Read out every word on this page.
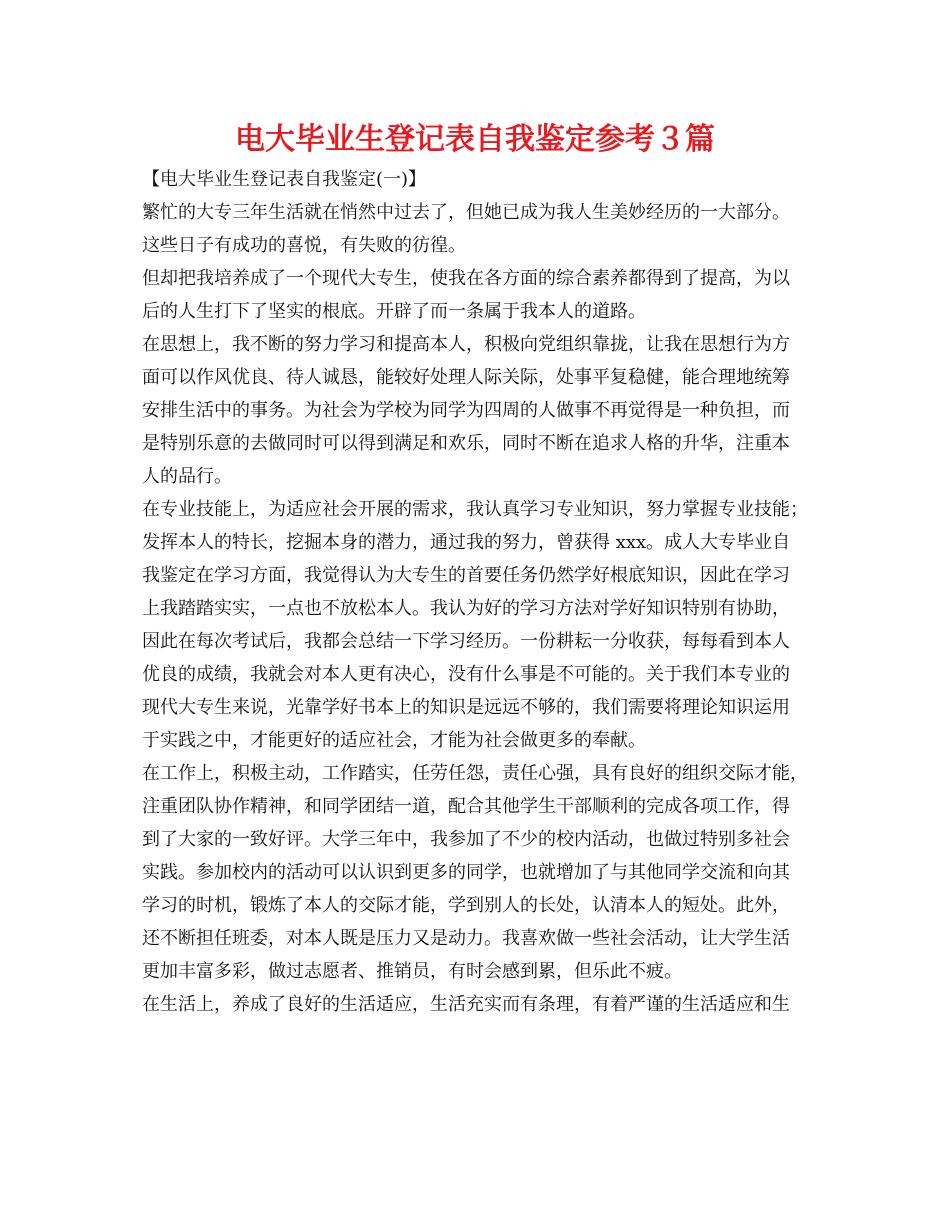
电大毕业生登记表自我鉴定参考３篇
【电大毕业生登记表自我鉴定(一)】
繁忙的大专三年生活就在悄然中过去了，但她已成为我人生美妙经历的一大部分。
这些日子有成功的喜悦，有失败的彷徨。
但却把我培养成了一个现代大专生，使我在各方面的综合素养都得到了提高，为以
后的人生打下了坚实的根底。开辟了而一条属于我本人的道路。
在思想上，我不断的努力学习和提高本人，积极向党组织靠拢，让我在思想行为方
面可以作风优良、待人诚恳，能较好处理人际关际，处事平复稳健，能合理地统筹
安排生活中的事务。为社会为学校为同学为四周的人做事不再觉得是一种负担，而
是特别乐意的去做同时可以得到满足和欢乐，同时不断在追求人格的升华，注重本
人的品行。
在专业技能上，为适应社会开展的需求，我认真学习专业知识，努力掌握专业技能；
发挥本人的特长，挖掘本身的潜力，通过我的努力，曾获得 xxx。成人大专毕业自
我鉴定在学习方面，我觉得认为大专生的首要任务仍然学好根底知识，因此在学习
上我踏踏实实，一点也不放松本人。我认为好的学习方法对学好知识特别有协助，
因此在每次考试后，我都会总结一下学习经历。一份耕耘一分收获，每每看到本人
优良的成绩，我就会对本人更有决心，没有什么事是不可能的。关于我们本专业的
现代大专生来说，光靠学好书本上的知识是远远不够的，我们需要将理论知识运用
于实践之中，才能更好的适应社会，才能为社会做更多的奉献。
在工作上，积极主动，工作踏实，任劳任怨，责任心强，具有良好的组织交际才能，
注重团队协作精神，和同学团结一道，配合其他学生干部顺利的完成各项工作，得
到了大家的一致好评。大学三年中，我参加了不少的校内活动，也做过特别多社会
实践。参加校内的活动可以认识到更多的同学，也就增加了与其他同学交流和向其
学习的时机，锻炼了本人的交际才能，学到别人的长处，认清本人的短处。此外，
还不断担任班委，对本人既是压力又是动力。我喜欢做一些社会活动，让大学生活
更加丰富多彩，做过志愿者、推销员，有时会感到累，但乐此不疲。
在生活上，养成了良好的生活适应，生活充实而有条理，有着严谨的生活适应和生
